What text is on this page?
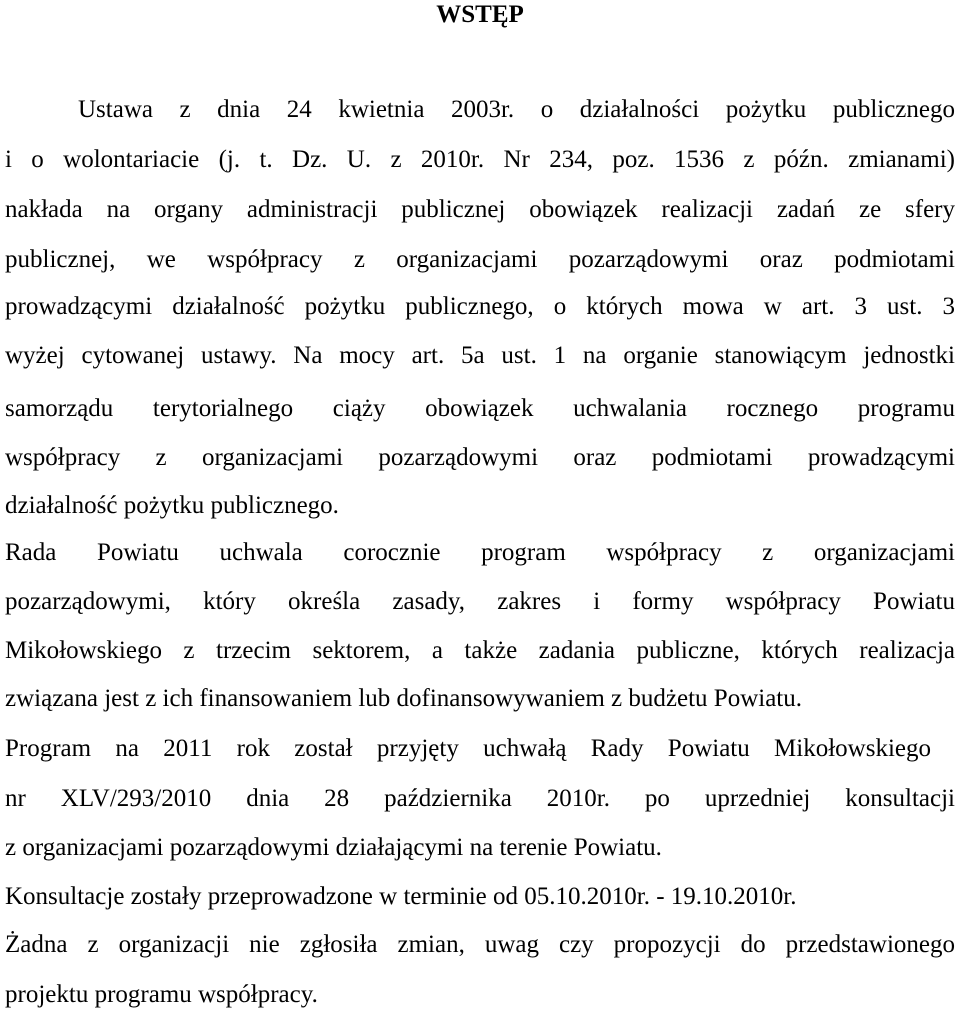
WSTĘP
Ustawa z dnia 24 kwietnia 2003r. o działalności pożytku publicznego
i o wolontariacie (j. t. Dz. U. z 2010r. Nr 234, poz. 1536 z późn. zmianami)
nakłada na organy administracji publicznej obowiązek realizacji zadań ze sfery
publicznej, we współpracy z organizacjami pozarządowymi oraz podmiotami
prowadzącymi działalność pożytku publicznego, o których mowa w art. 3 ust. 3
wyżej cytowanej ustawy. Na mocy art. 5a ust. 1 na organie stanowiącym jednostki
samorządu terytorialnego ciąży obowiązek uchwalania rocznego programu
współpracy z organizacjami pozarządowymi oraz podmiotami prowadzącymi
działalność pożytku publicznego.
Rada Powiatu uchwala corocznie program współpracy z organizacjami
pozarządowymi, który określa zasady, zakres i formy współpracy Powiatu
Mikołowskiego z trzecim sektorem, a także zadania publiczne, których realizacja
związana jest z ich finansowaniem lub dofinansowywaniem z budżetu Powiatu.
Program na 2011 rok został przyjęty uchwałą Rady Powiatu Mikołowskiego
nr XLV/293/2010 dnia 28 października 2010r. po uprzedniej konsultacji
z organizacjami pozarządowymi działającymi na terenie Powiatu.
Konsultacje zostały przeprowadzone w terminie od 05.10.2010r. - 19.10.2010r.
Żadna z organizacji nie zgłosiła zmian, uwag czy propozycji do przedstawionego
projektu programu współpracy.
